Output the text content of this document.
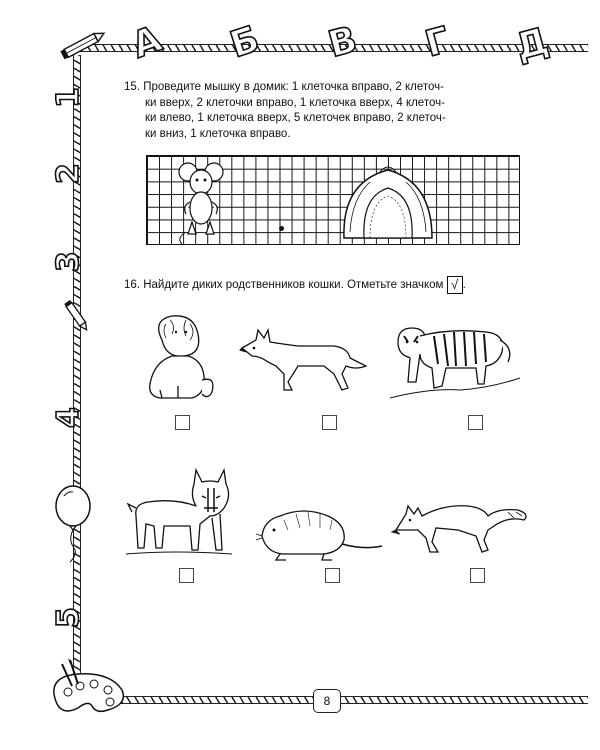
А Б В Г Д
1
2
3
4
5
15. Проведите мышку в домик: 1 клеточка вправо, 2 клеточ-
ки вверх, 2 клеточки вправо, 1 клеточка вверх, 4 клеточ-
ки влево, 1 клеточка вверх, 5 клеточек вправо, 2 клеточ-
ки вниз, 1 клеточка вправо.
16. Найдите диких родственников кошки. Отметьте значком √ .
8
